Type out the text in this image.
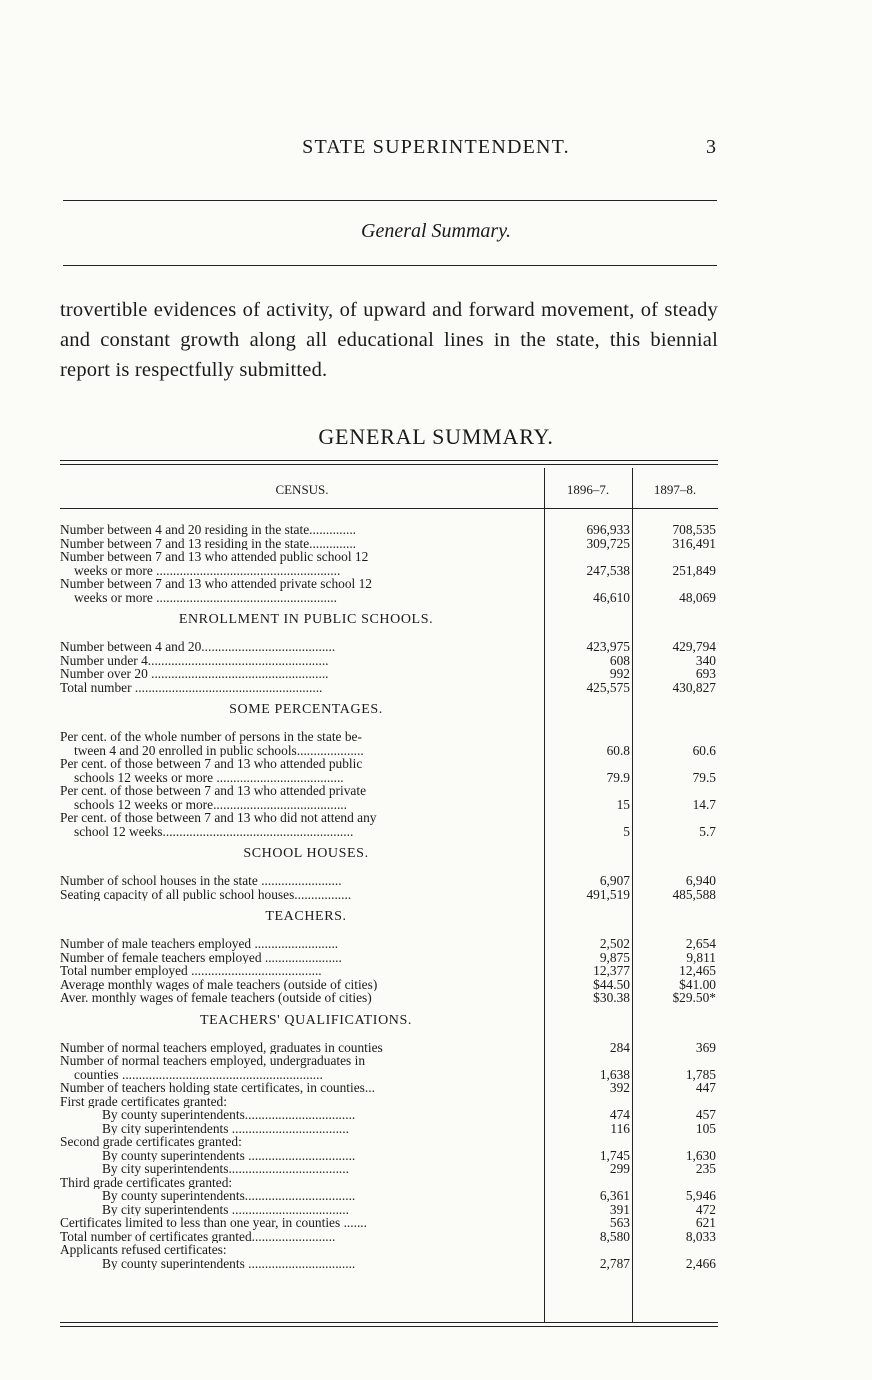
STATE SUPERINTENDENT.	3
General Summary.
trovertible evidences of activity, of upward and forward movement, of steady and constant growth along all educational lines in the state, this biennial report is respectfully submitted.
GENERAL SUMMARY.
CENSUS.	1896–7.	1897–8.
Number between 4 and 20 residing in the state..............	696,933	708,535
Number between 7 and 13 residing in the state..............	309,725	316,491
Number between 7 and 13 who attended public school 12
weeks or more .......................................................	247,538	251,849
Number between 7 and 13 who attended private school 12
weeks or more ......................................................	46,610	48,069
ENROLLMENT IN PUBLIC SCHOOLS.
Number between 4 and 20........................................	423,975	429,794
Number under 4......................................................	608	340
Number over 20 .....................................................	992	693
Total number ........................................................	425,575	430,827
SOME PERCENTAGES.
Per cent. of the whole number of persons in the state be-
tween 4 and 20 enrolled in public schools....................	60.8	60.6
Per cent. of those between 7 and 13 who attended public
schools 12 weeks or more ......................................	79.9	79.5
Per cent. of those between 7 and 13 who attended private
schools 12 weeks or more........................................	15	14.7
Per cent. of those between 7 and 13 who did not attend any
school 12 weeks.........................................................	5	5.7
SCHOOL HOUSES.
Number of school houses in the state ........................	6,907	6,940
Seating capacity of all public school houses.................	491,519	485,588
TEACHERS.
Number of male teachers employed .........................	2,502	2,654
Number of female teachers employed .......................	9,875	9,811
Total number employed .......................................	12,377	12,465
Average monthly wages of male teachers (outside of cities)	$44.50	$41.00
Aver. monthly wages of female teachers (outside of cities)	$30.38	$29.50*
TEACHERS' QUALIFICATIONS.
Number of normal teachers employed, graduates in counties	284	369
Number of normal teachers employed, undergraduates in
counties ............................................................	1,638	1,785
Number of teachers holding state certificates, in counties...	392	447
First grade certificates granted:
By county superintendents.................................	474	457
By city superintendents ...................................	116	105
Second grade certificates granted:
By county superintendents ................................	1,745	1,630
By city superintendents....................................	299	235
Third grade certificates granted:
By county superintendents.................................	6,361	5,946
By city superintendents ...................................	391	472
Certificates limited to less than one year, in counties .......	563	621
Total number of certificates granted.........................	8,580	8,033
Applicants refused certificates:
By county superintendents ................................	2,787	2,466
